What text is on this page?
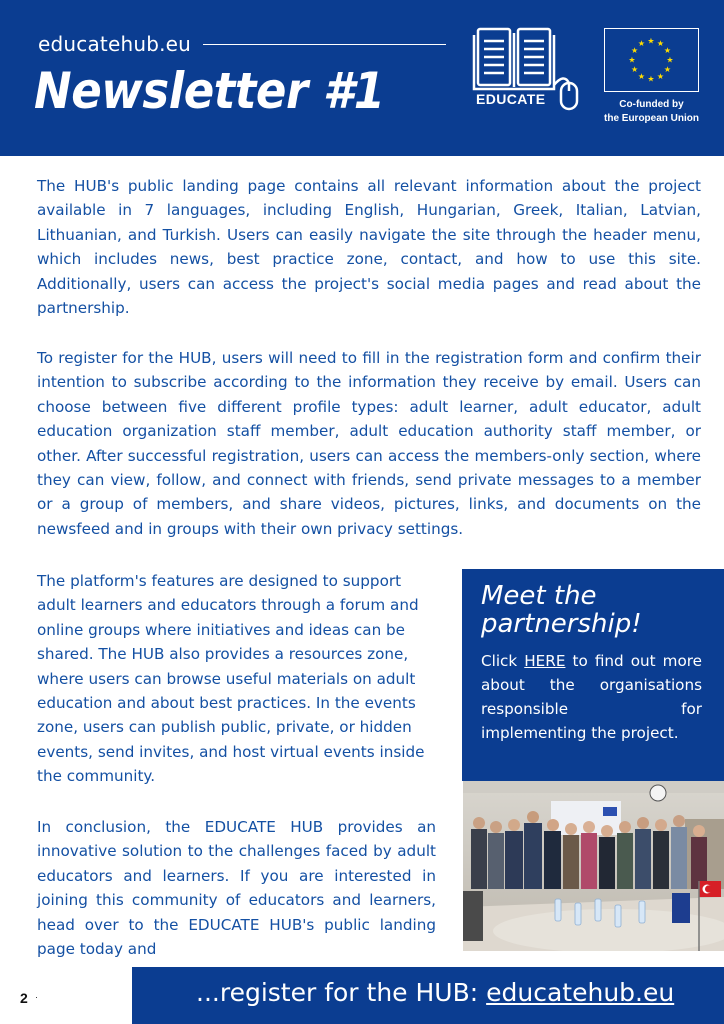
educatehub.eu
Newsletter #1	EDUCATE
★ ★
★
★
★
★
★
★
★
★
★
★
Co-funded by
the European Union

The HUB's public landing page contains all relevant information about the project available in 7 languages, including English, Hungarian, Greek, Italian, Latvian, Lithuanian, and Turkish. Users can easily navigate the site through the header menu, which includes news, best practice zone, contact, and how to use this site. Additionally, users can access the project's social media pages and read about the partnership.

To register for the HUB, users will need to fill in the registration form and confirm their intention to subscribe according to the information they receive by email. Users can choose between five different profile types: adult learner, adult educator, adult education organization staff member, adult education authority staff member, or other. After successful registration, users can access the members-only section, where they can view, follow, and connect with friends, send private messages to a member or a group of members, and share videos, pictures, links, and documents on the newsfeed and in groups with their own privacy settings.

The platform's features are designed to support adult learners and educators through a forum and online groups where initiatives and ideas can be shared. The HUB also provides a resources zone, where users can browse useful materials on adult education and about best practices. In the events zone, users can publish public, private, or hidden events, send invites, and host virtual events inside the community.

In conclusion, the EDUCATE HUB provides an innovative solution to the challenges faced by adult educators and learners. If you are interested in joining this community of educators and learners, head over to the EDUCATE HUB's public landing page today and

Meet the partnership!

Click HERE to find out more about the organisations responsible for implementing the project.

2 ·	...register for the HUB: educatehub.eu
